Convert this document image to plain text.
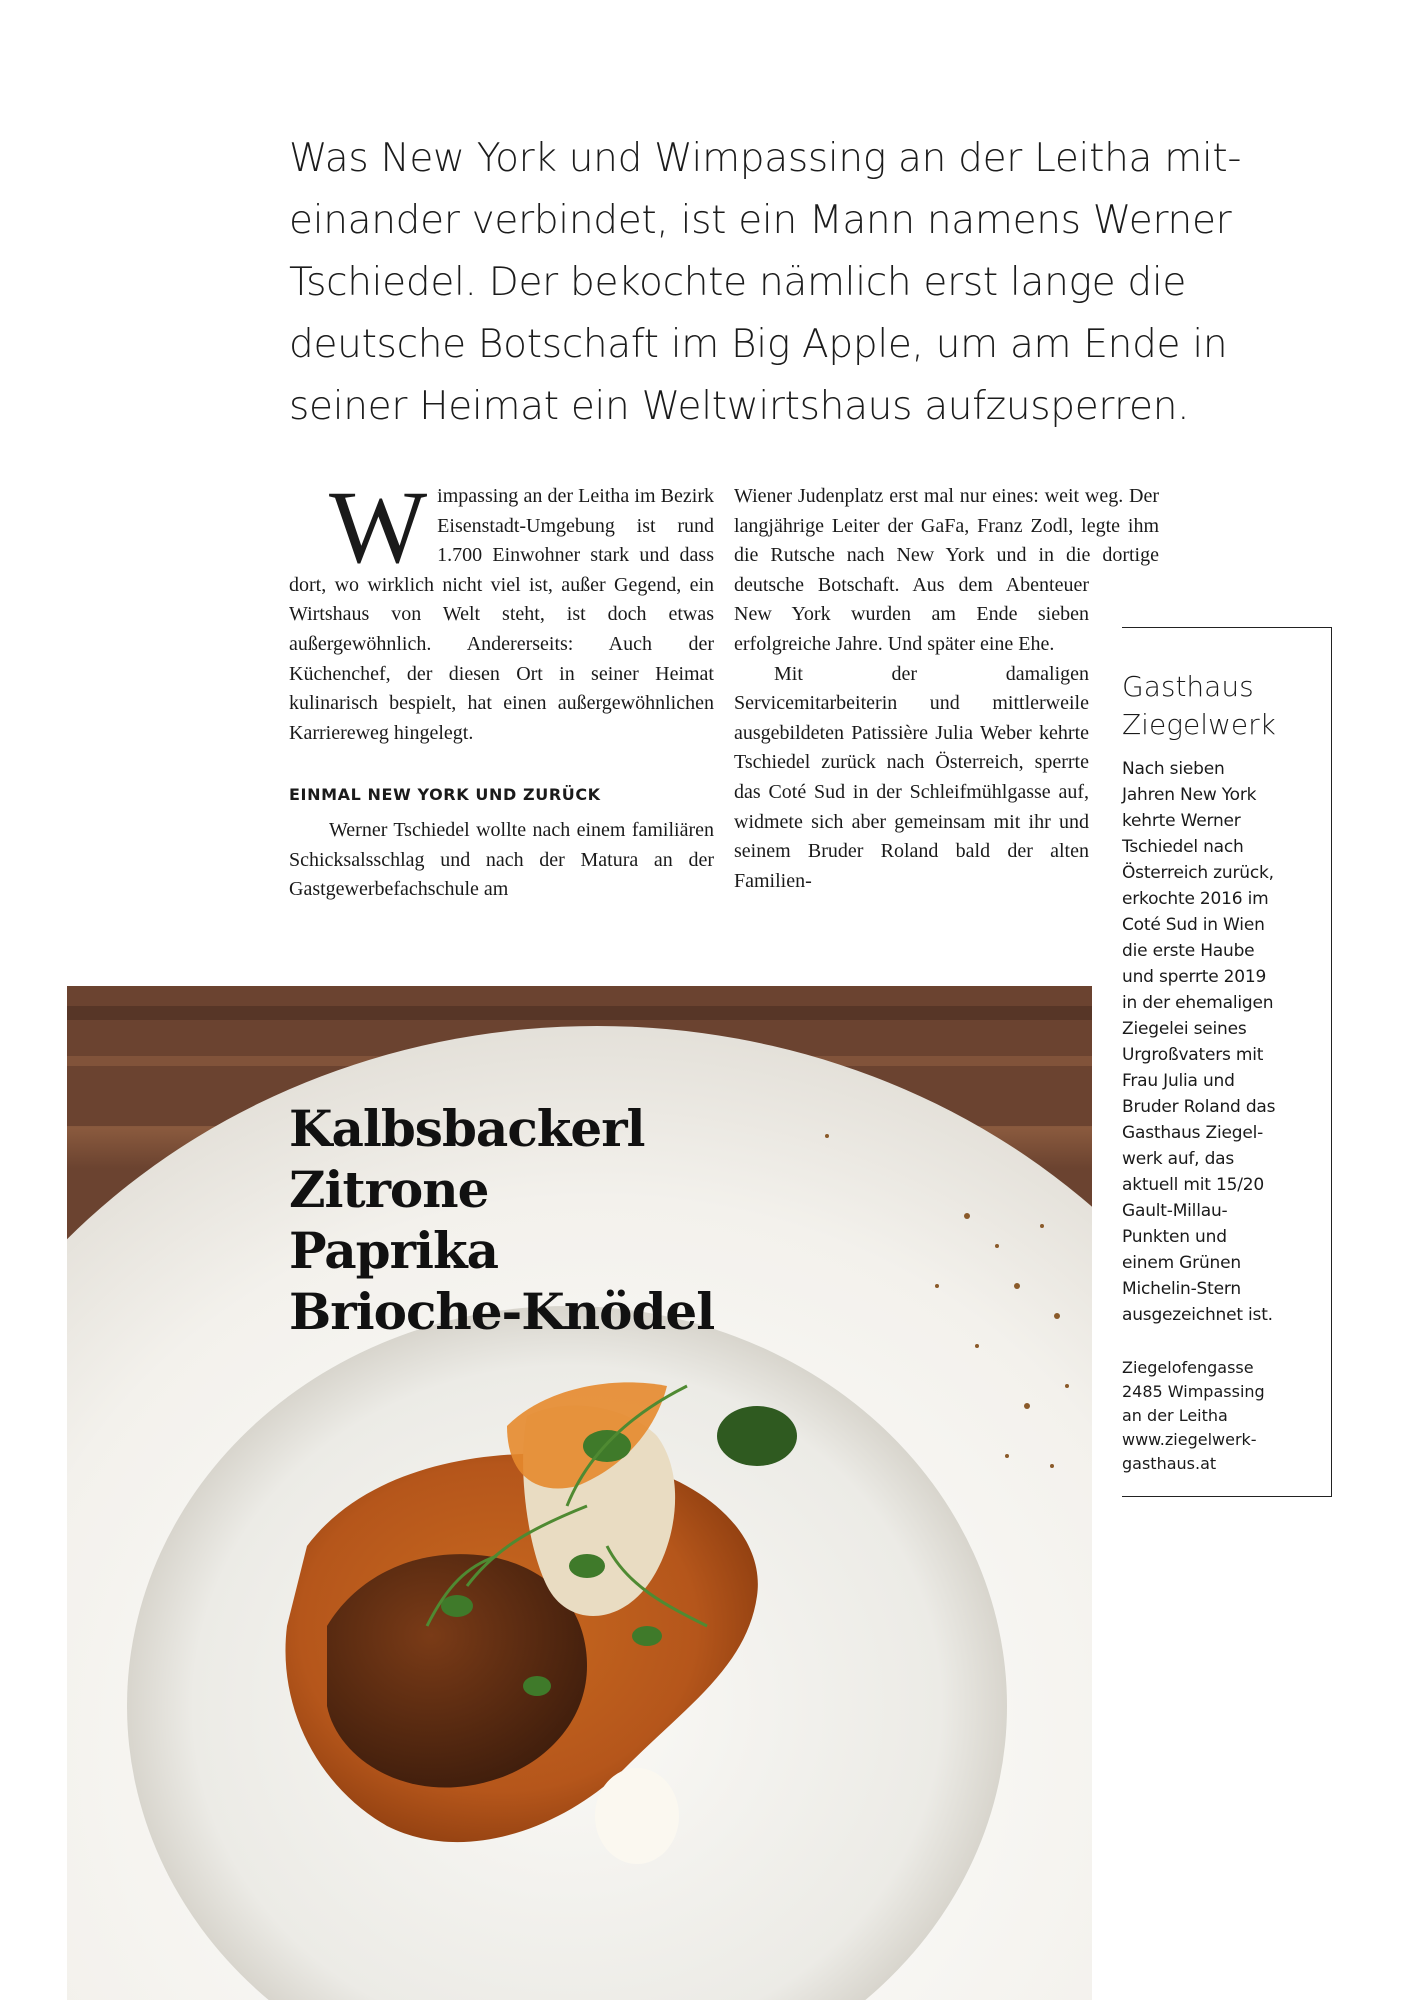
Was New York und Wimpassing an der Leitha mit-
einander verbindet, ist ein Mann namens Werner
Tschiedel. Der bekochte nämlich erst lange die
deutsche Botschaft im Big Apple, um am Ende in
seiner Heimat ein Weltwirtshaus aufzusperren.

Wimpassing an der Leitha im Bezirk Eisenstadt-Umgebung ist rund 1.700 Einwohner stark und dass dort, wo wirklich nicht viel ist, außer Gegend, ein Wirtshaus von Welt steht, ist doch etwas außergewöhnlich. Andererseits: Auch der Küchenchef, der diesen Ort in seiner Heimat kulinarisch bespielt, hat einen außergewöhnlichen Karriereweg hingelegt.

EINMAL NEW YORK UND ZURÜCK

Werner Tschiedel wollte nach einem familiären Schicksalsschlag und nach der Matura an der Gastgewerbefachschule am

Wiener Judenplatz erst mal nur eines: weit weg. Der langjährige Leiter der GaFa, Franz Zodl, legte ihm die Rutsche nach New York und in die dortige deutsche Botschaft. Aus dem Abenteuer New York wurden am Ende sieben erfolgreiche Jahre. Und später eine Ehe.
Mit der damaligen Servicemitarbeiterin und mittlerweile ausgebildeten Patissière Julia Weber kehrte Tschiedel zurück nach Österreich, sperrte das Coté Sud in der Schleifmühlgasse auf, widmete sich aber gemeinsam mit ihr und seinem Bruder Roland bald der alten Familien-

Gasthaus
Ziegelwerk

Nach sieben
Jahren New York
kehrte Werner
Tschiedel nach
Österreich zurück,
erkochte 2016 im
Coté Sud in Wien
die erste Haube
und sperrte 2019
in der ehemaligen
Ziegelei seines
Urgroßvaters mit
Frau Julia und
Bruder Roland das
Gasthaus Ziegel-
werk auf, das
aktuell mit 15/20
Gault-Millau-
Punkten und
einem Grünen
Michelin-Stern
ausgezeichnet ist.

Ziegelofengasse
2485 Wimpassing
an der Leitha
www.ziegelwerk-
gasthaus.at

Kalbsbackerl
Zitrone
Paprika
Brioche-Knödel
